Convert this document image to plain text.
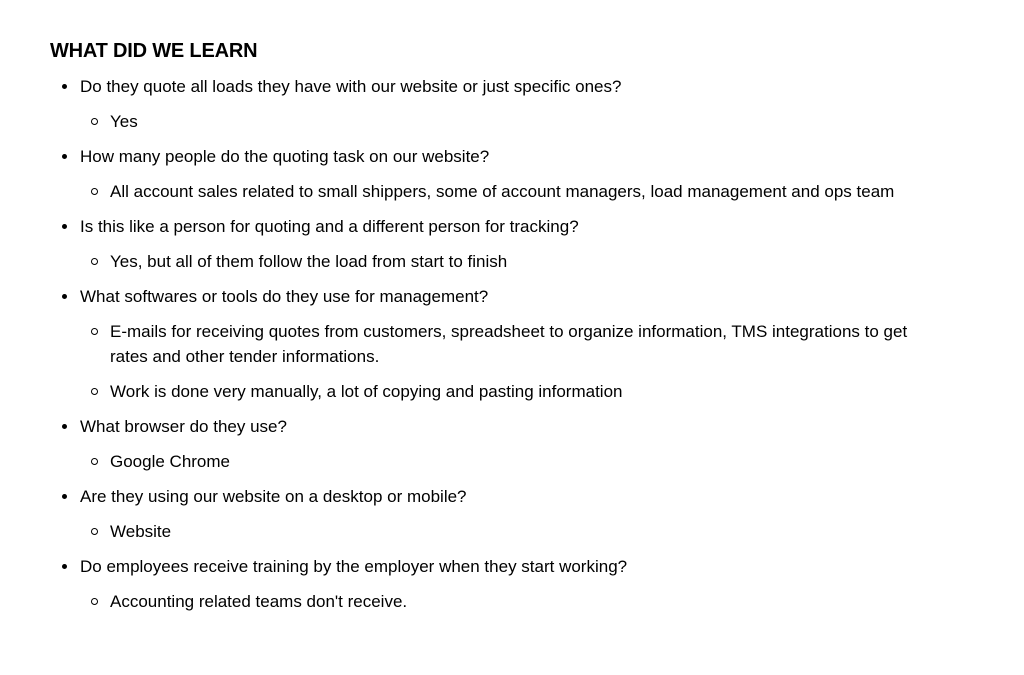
WHAT DID WE LEARN
Do they quote all loads they have with our website or just specific ones?
Yes
How many people do the quoting task on our website?
All account sales related to small shippers, some of account managers, load management and ops team
Is this like a person for quoting and a different person for tracking?
Yes, but all of them follow the load from start to finish
What softwares or tools do they use for management?
E-mails for receiving quotes from customers, spreadsheet to organize information, TMS integrations to get rates and other tender informations.
Work is done very manually, a lot of copying and pasting information
What browser do they use?
Google Chrome
Are they using our website on a desktop or mobile?
Website
Do employees receive training by the employer when they start working?
Accounting related teams don't receive.
